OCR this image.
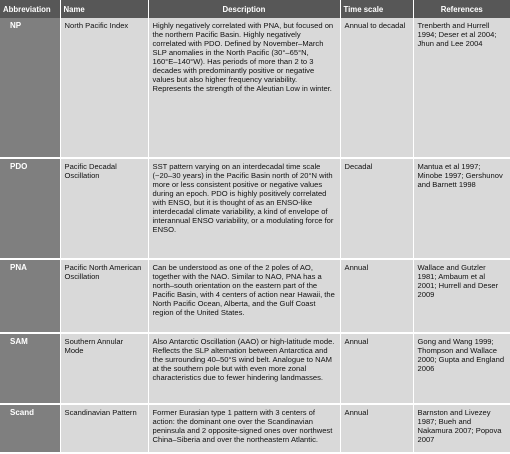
Abbreviation	Name	Description	Time scale	References
NP	North Pacific Index	Highly negatively correlated with PNA, but focused on the northern Pacific Basin. Highly negatively correlated with PDO. Defined by November–March SLP anomalies in the North Pacific (30°–65°N, 160°E–140°W). Has periods of more than 2 to 3 decades with predominantly positive or negative values but also higher frequency variability. Represents the strength of the Aleutian Low in winter.	Annual to decadal	Trenberth and Hurrell 1994; Deser et al 2004; Jhun and Lee 2004
PDO	Pacific Decadal Oscillation	SST pattern varying on an interdecadal time scale (~20–30 years) in the Pacific Basin north of 20°N with more or less consistent positive or negative values during an epoch. PDO is highly positively correlated with ENSO, but it is thought of as an ENSO-like interdecadal climate variability, a kind of envelope of interannual ENSO variability, or a modulating force for ENSO.	Decadal	Mantua et al 1997; Minobe 1997; Gershunov and Barnett 1998
PNA	Pacific North American Oscillation	Can be understood as one of the 2 poles of AO, together with the NAO. Similar to NAO, PNA has a north–south orientation on the eastern part of the Pacific Basin, with 4 centers of action near Hawaii, the North Pacific Ocean, Alberta, and the Gulf Coast region of the United States.	Annual	Wallace and Gutzler 1981; Ambaum et al 2001; Hurrell and Deser 2009
SAM	Southern Annular Mode	Also Antarctic Oscillation (AAO) or high-latitude mode. Reflects the SLP alternation between Antarctica and the surrounding 40–50°S wind belt. Analogue to NAM at the southern pole but with even more zonal characteristics due to fewer hindering landmasses.	Annual	Gong and Wang 1999; Thompson and Wallace 2000; Gupta and England 2006
Scand	Scandinavian Pattern	Former Eurasian type 1 pattern with 3 centers of action: the dominant one over the Scandinavian peninsula and 2 opposite-signed ones over northwest China–Siberia and over the northeastern Atlantic.	Annual	Barnston and Livezey 1987; Bueh and Nakamura 2007; Popova 2007
